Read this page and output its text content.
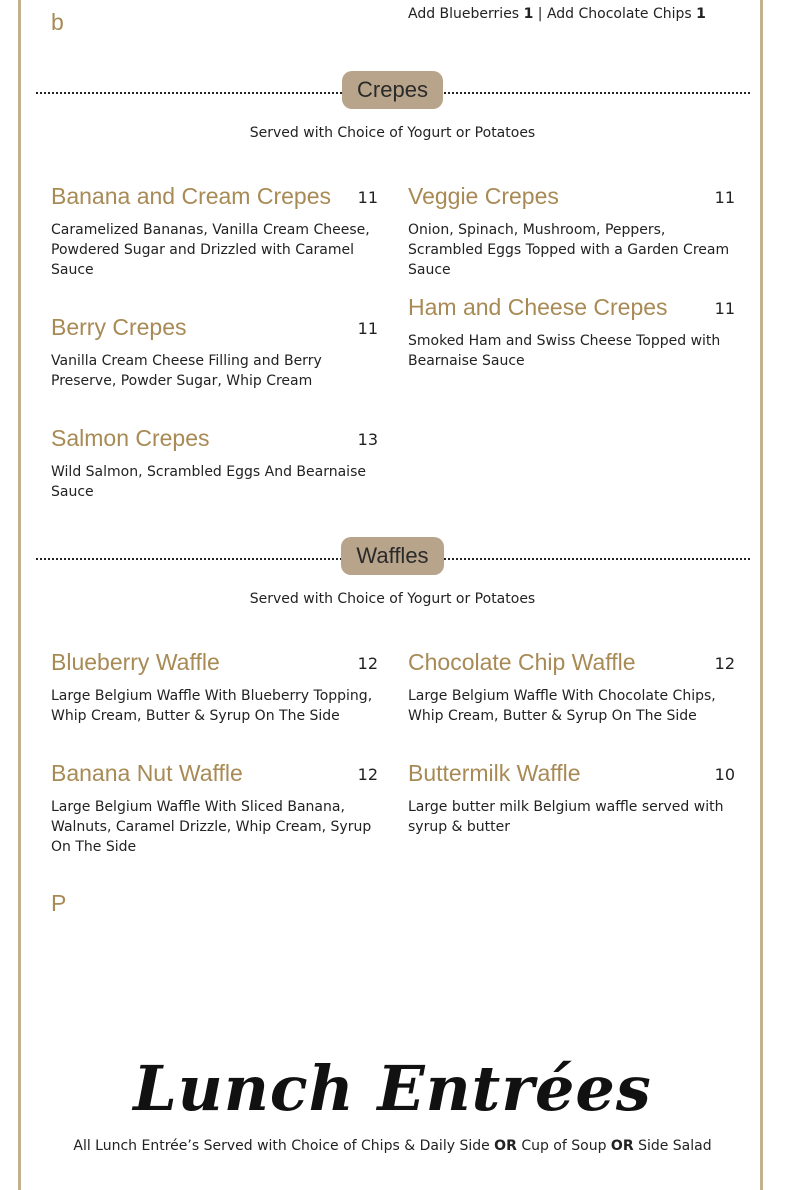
b	Add Blueberries 1 | Add Chocolate Chips 1
Crepes
Served with Choice of Yogurt or Potatoes
Banana and Cream Crepes	11
Caramelized Bananas, Vanilla Cream Cheese, Powdered Sugar and Drizzled with Caramel Sauce
Veggie Crepes	11
Onion, Spinach, Mushroom, Peppers, Scrambled Eggs Topped with a Garden Cream Sauce
Ham and Cheese Crepes	11
Smoked Ham and Swiss Cheese Topped with Bearnaise Sauce
Berry Crepes	11
Vanilla Cream Cheese Filling and Berry Preserve, Powder Sugar, Whip Cream
Salmon Crepes	13
Wild Salmon, Scrambled Eggs And Bearnaise Sauce
Waffles
Served with Choice of Yogurt or Potatoes
Blueberry Waffle	12
Large Belgium Waffle With Blueberry Topping, Whip Cream, Butter & Syrup On The Side
Chocolate Chip Waffle	12
Large Belgium Waffle With Chocolate Chips, Whip Cream, Butter & Syrup On The Side
Banana Nut Waffle	12
Large Belgium Waffle With Sliced Banana, Walnuts, Caramel Drizzle, Whip Cream, Syrup On The Side
Buttermilk Waffle	10
Large butter milk Belgium waffle served with syrup & butter
P
Lunch Entrées
All Lunch Entrée’s Served with Choice of Chips & Daily Side OR Cup of Soup OR Side Salad
